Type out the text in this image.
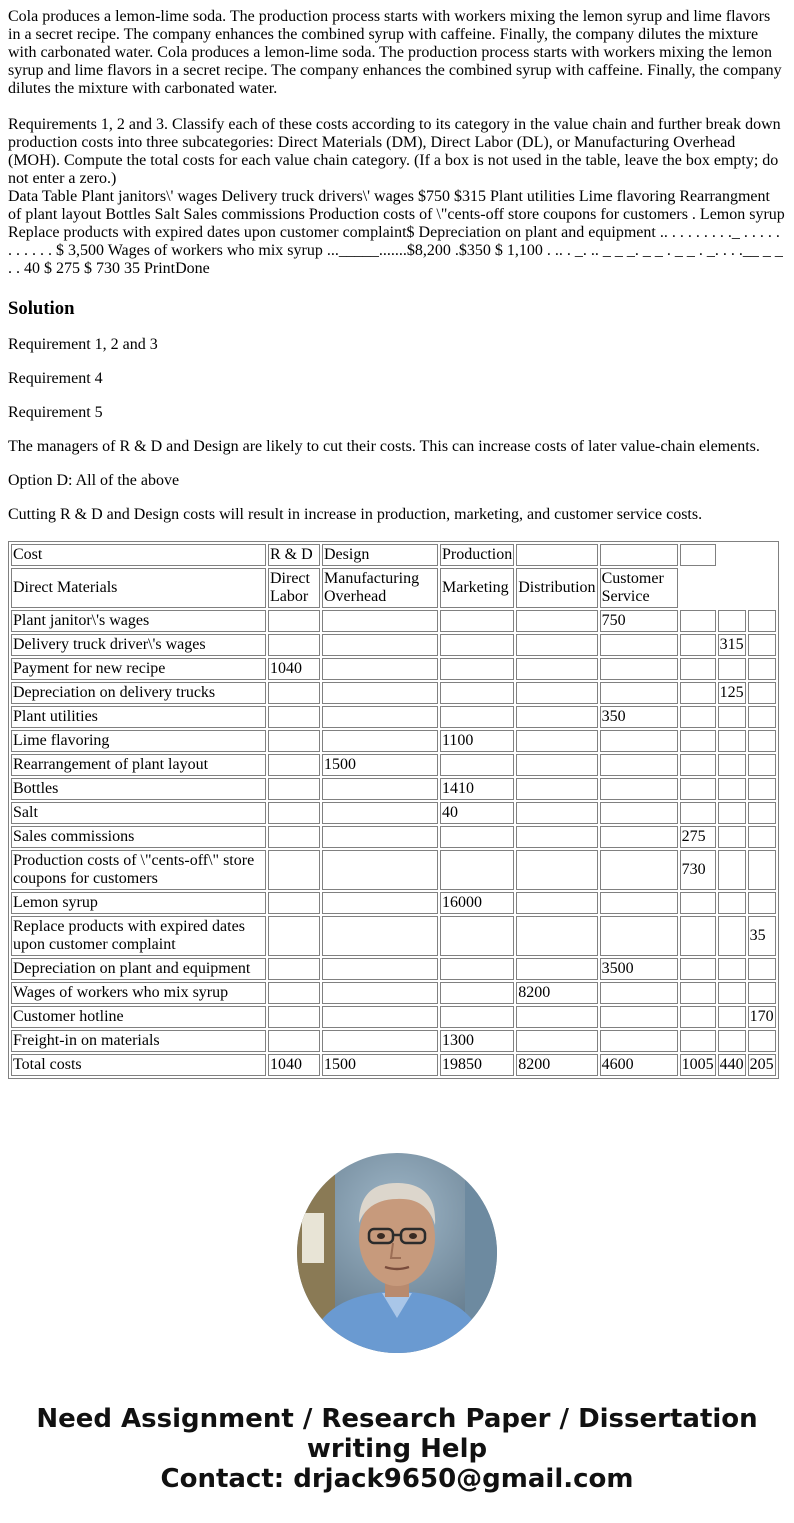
Cola produces a lemon-lime soda. The production process starts with workers mixing the lemon syrup and lime flavors in a secret recipe. The company enhances the combined syrup with caffeine. Finally, the company dilutes the mixture with carbonated water. Cola produces a lemon-lime soda. The production process starts with workers mixing the lemon syrup and lime flavors in a secret recipe. The company enhances the combined syrup with caffeine. Finally, the company dilutes the mixture with carbonated water.

Requirements 1, 2 and 3. Classify each of these costs according to its category in the value chain and further break down production costs into three subcategories: Direct Materials (DM), Direct Labor (DL), or Manufacturing Overhead (MOH). Compute the total costs for each value chain category. (If a box is not used in the table, leave the box empty; do not enter a zero.)

Data Table Plant janitors\' wages Delivery truck drivers\' wages $750 $315 Plant utilities Lime flavoring Rearrangment of plant layout Bottles Salt Sales commissions Production costs of \"cents-off store coupons for customers . Lemon syrup Replace products with expired dates upon customer complaint$ Depreciation on plant and equipment .. . . . . . . . ._ . . . . . . . . . . . $ 3,500 Wages of workers who mix syrup ..._____.......$8,200 .$350 $ 1,100 . .. . _. .. _ _ _. _ _ . _ _ . _. . . .__ _ _ . . 40 $ 275 $ 730 35 PrintDone

Solution

Requirement 1, 2 and 3

Requirement 4

Requirement 5

The managers of R & D and Design are likely to cut their costs. This can increase costs of later value-chain elements.

Option D: All of the above

Cutting R & D and Design costs will result in increase in production, marketing, and customer service costs.

Cost	R & D	Design	Production					
Direct Materials	Direct Labor	Manufacturing Overhead	Marketing	Distribution	Customer Service			
Plant janitor\'s wages					750			
Delivery truck driver\'s wages							315	
Payment for new recipe	1040							
Depreciation on delivery trucks							125	
Plant utilities					350			
Lime flavoring			1100					
Rearrangement of plant layout		1500						
Bottles			1410					
Salt			40					
Sales commissions						275		
Production costs of \"cents-off\" store coupons for customers						730		
Lemon syrup			16000					
Replace products with expired dates upon customer complaint								35
Depreciation on plant and equipment					3500			
Wages of workers who mix syrup				8200				
Customer hotline								170
Freight-in on materials			1300					
Total costs	1040	1500	19850	8200	4600	1005	440	205
Need Assignment / Research Paper / Dissertation
writing Help
Contact: drjack9650@gmail.com
